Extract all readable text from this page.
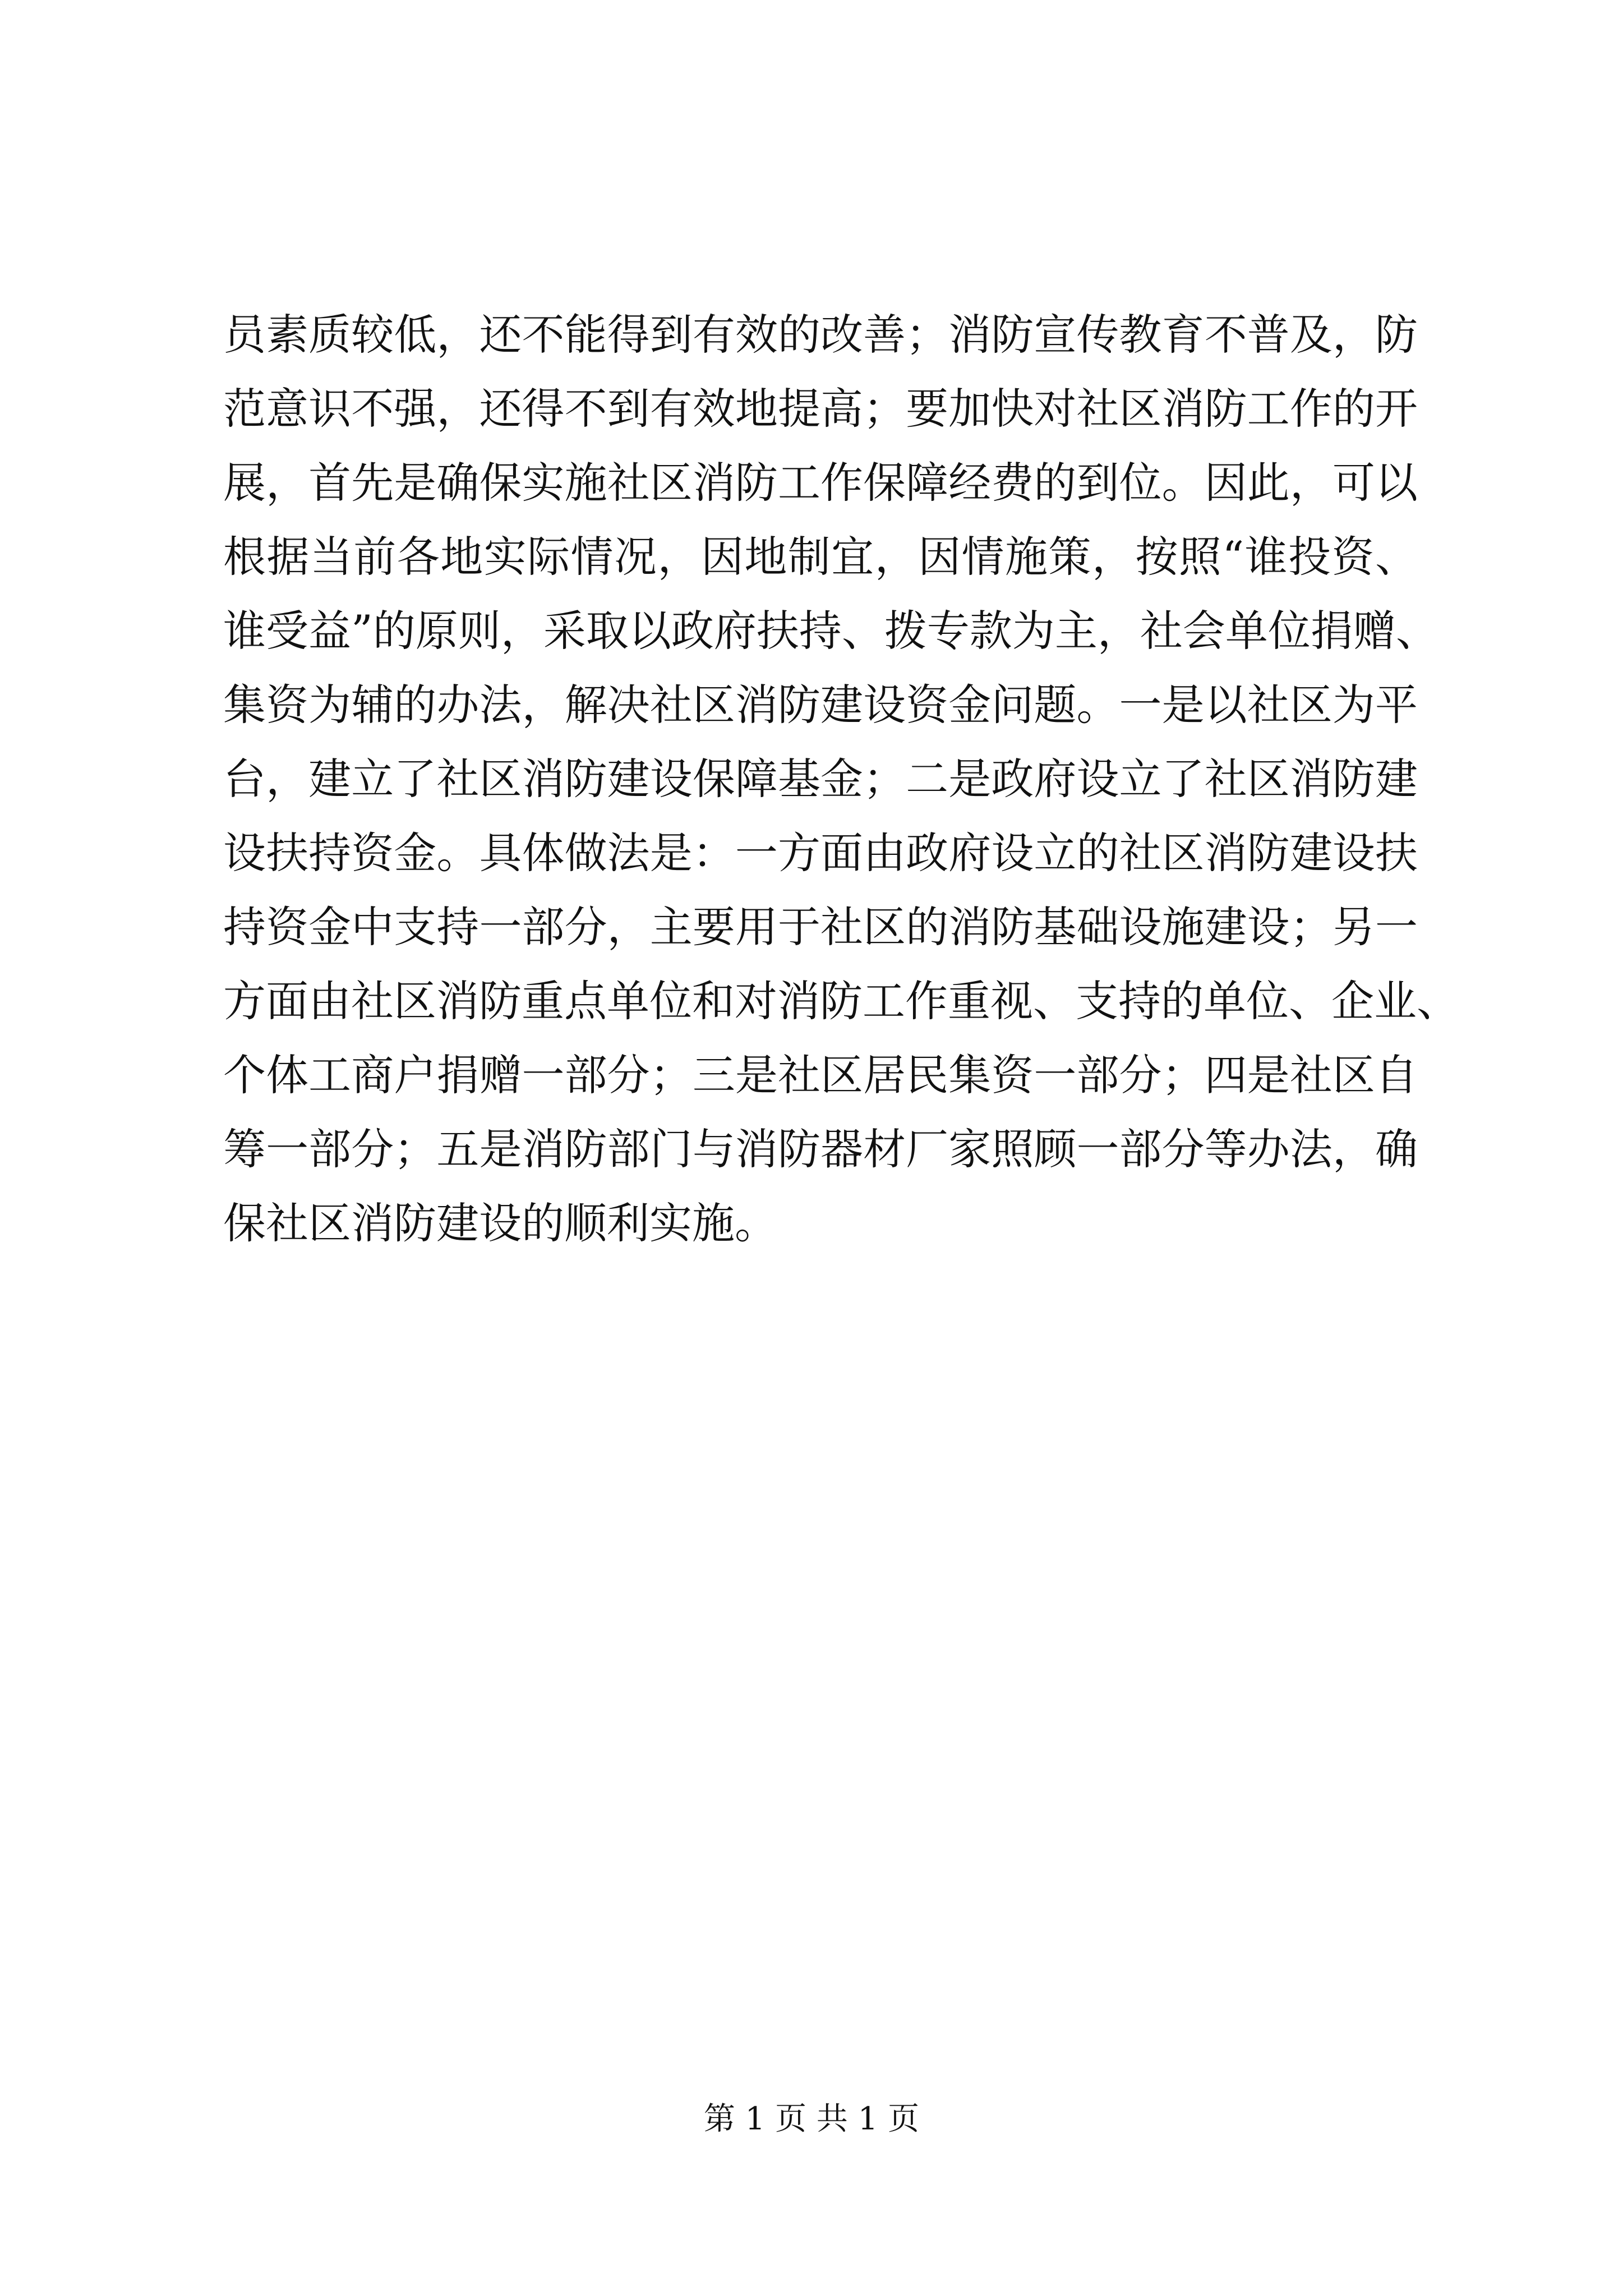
员素质较低，还不能得到有效的改善；消防宣传教育不普及，防
范意识不强，还得不到有效地提高；要加快对社区消防工作的开
展，首先是确保实施社区消防工作保障经费的到位。因此，可以
根据当前各地实际情况，因地制宜，因情施策，按照“谁投资、
谁受益”的原则，采取以政府扶持、拨专款为主，社会单位捐赠、
集资为辅的办法，解决社区消防建设资金问题。一是以社区为平
台，建立了社区消防建设保障基金；二是政府设立了社区消防建
设扶持资金。具体做法是：一方面由政府设立的社区消防建设扶
持资金中支持一部分，主要用于社区的消防基础设施建设；另一
方面由社区消防重点单位和对消防工作重视、支持的单位、企业、
个体工商户捐赠一部分；三是社区居民集资一部分；四是社区自
筹一部分；五是消防部门与消防器材厂家照顾一部分等办法，确
保社区消防建设的顺利实施。
第 1 页 共 1 页
